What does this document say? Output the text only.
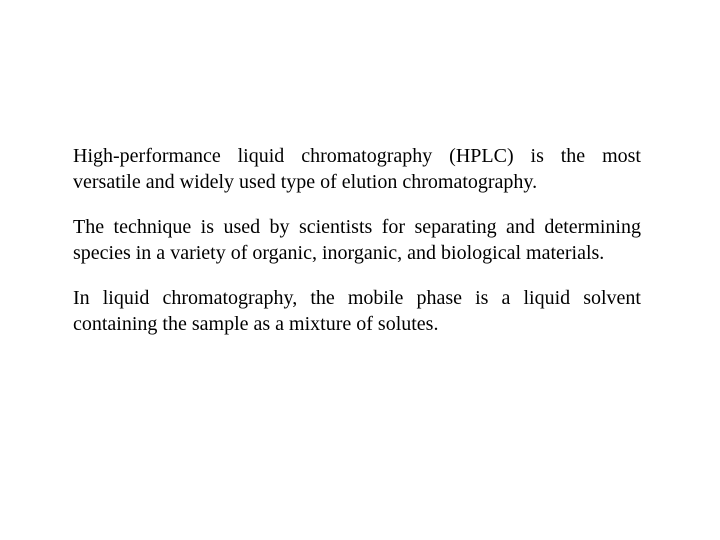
High-performance liquid chromatography (HPLC) is the most versatile and widely used type of elution chromatography.

The technique is used by scientists for separating and determining species in a variety of organic, inorganic, and biological materials.

In liquid chromatography, the mobile phase is a liquid solvent containing the sample as a mixture of solutes.
